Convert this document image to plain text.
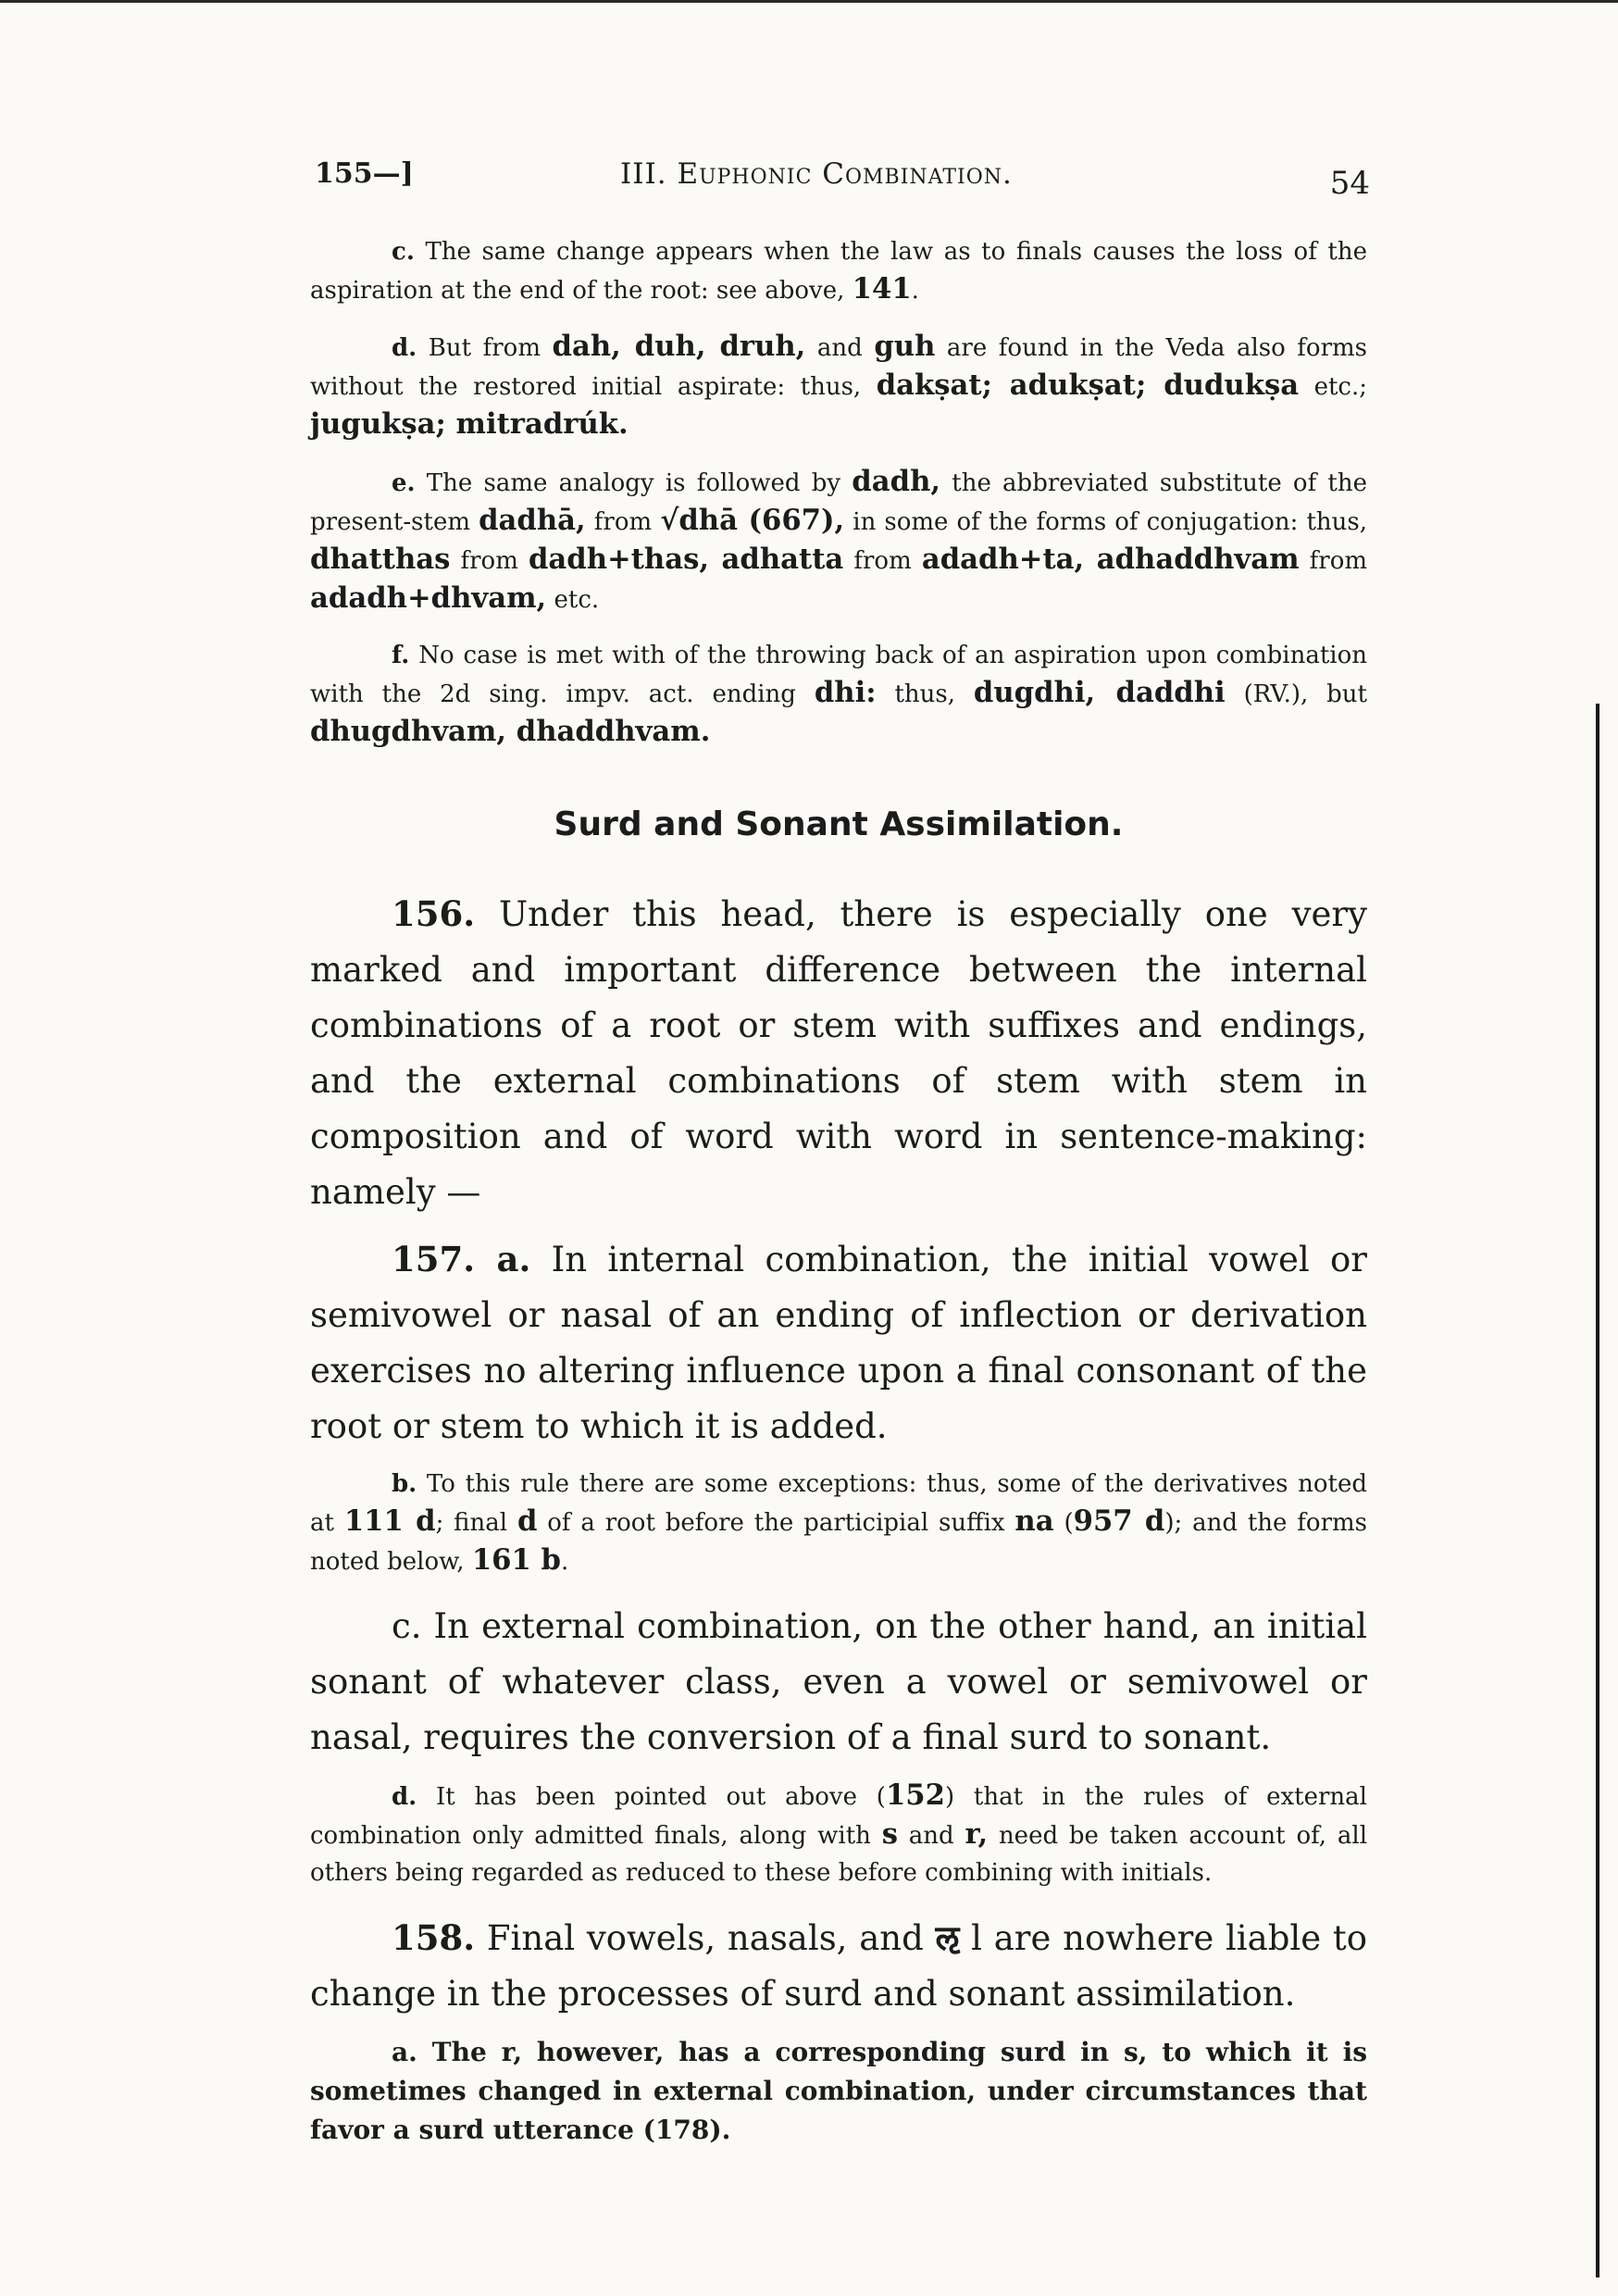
155—]	III. Euphonic Combination.	54

c. The same change appears when the law as to finals causes the loss of the aspiration at the end of the root: see above, 141.

d. But from dah, duh, druh, and guh are found in the Veda also forms without the restored initial aspirate: thus, dakṣat; adukṣat; dudukṣa etc.; jugukṣa; mitradrúk.

e. The same analogy is followed by dadh, the abbreviated substitute of the present-stem dadhā, from √dhā (667), in some of the forms of conjugation: thus, dhatthas from dadh+thas, adhatta from adadh+ta, adhaddhvam from adadh+dhvam, etc.

f. No case is met with of the throwing back of an aspiration upon combination with the 2d sing. impv. act. ending dhi: thus, dugdhi, daddhi (RV.), but dhugdhvam, dhaddhvam.

Surd and Sonant Assimilation.

156. Under this head, there is especially one very marked and important difference between the internal combinations of a root or stem with suffixes and endings, and the external combinations of stem with stem in composition and of word with word in sentence-making: namely —

157. a. In internal combination, the initial vowel or semivowel or nasal of an ending of inflection or derivation exercises no altering influence upon a final consonant of the root or stem to which it is added.

b. To this rule there are some exceptions: thus, some of the derivatives noted at 111 d; final d of a root before the participial suffix na (957 d); and the forms noted below, 161 b.

c. In external combination, on the other hand, an initial sonant of whatever class, even a vowel or semivowel or nasal, requires the conversion of a final surd to sonant.

d. It has been pointed out above (152) that in the rules of external combination only admitted finals, along with s and r, need be taken account of, all others being regarded as reduced to these before combining with initials.

158. Final vowels, nasals, and ऌ l are nowhere liable to change in the processes of surd and sonant assimilation.

a. The r, however, has a corresponding surd in s, to which it is sometimes changed in external combination, under circumstances that favor a surd utterance (178).
